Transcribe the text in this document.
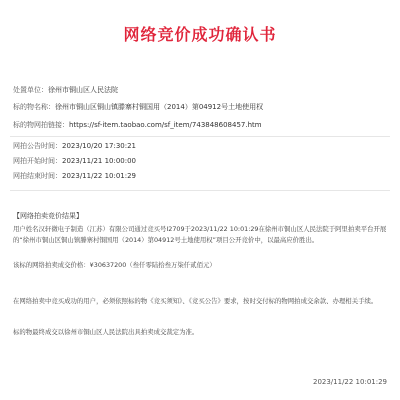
网络竞价成功确认书
处置单位：徐州市铜山区人民法院
标的物名称：徐州市铜山区铜山镇滕寨村铜国用（2014）第04912号土地使用权
标的物网拍链接：https://sf-item.taobao.com/sf_item/743848608457.htm
网拍公告时间：2023/10/20 17:30:21
网拍开始时间：2023/11/21 10:00:00
网拍结束时间：2023/11/22 10:01:29
【网络拍卖竞价结果】
用户姓名汉轩微电子制造（江苏）有限公司通过竞买号I2709于2023/11/22 10:01:29在徐州市铜山区人民法院于阿里拍卖平台开展的“徐州市铜山区铜山镇滕寨村铜国用（2014）第04912号土地使用权”项目公开竞价中，以最高应价胜出。
该标的网络拍卖成交价格：¥30637200（叁仟零陆拾叁万柒仟贰佰元）
在网络拍卖中竞买成功的用户，必须依照标的物《竞买须知》、《竞买公告》要求，按时交付标的物网拍成交余款、办理相关手续。
标的物最终成交以徐州市铜山区人民法院出具拍卖成交裁定为准。
2023/11/22 10:01:29
